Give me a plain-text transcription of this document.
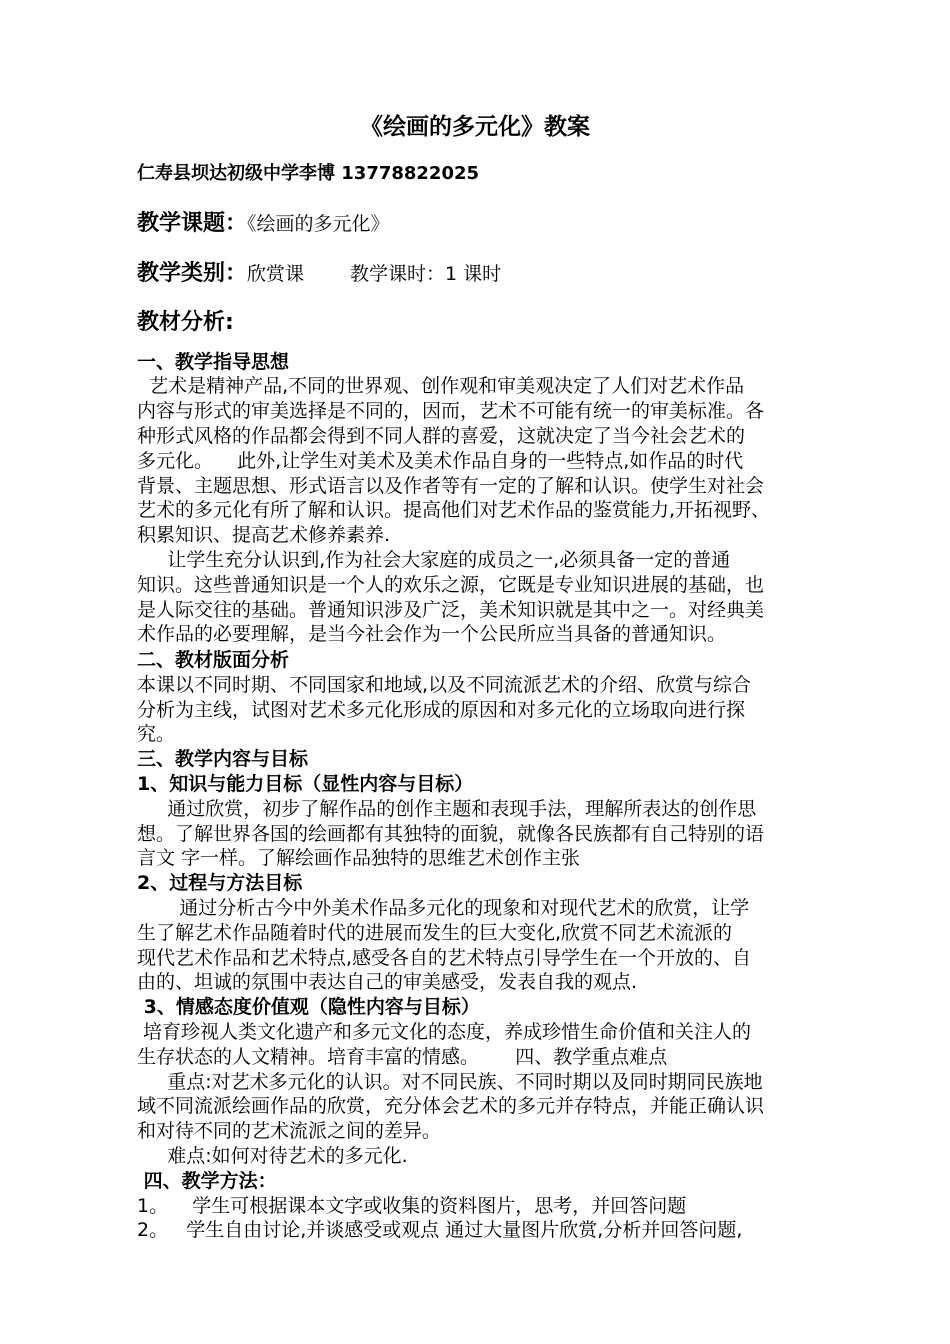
《绘画的多元化》教案
仁寿县坝达初级中学李博 13778822025
教学课题：《绘画的多元化》
教学类别：欣赏课 教学课时：1 课时
教材分析:
一、教学指导思想
艺术是精神产品,不同的世界观、创作观和审美观决定了人们对艺术作品
内容与形式的审美选择是不同的，因而，艺术不可能有统一的审美标准。各
种形式风格的作品都会得到不同人群的喜爱，这就决定了当今社会艺术的
多元化。    此外,让学生对美术及美术作品自身的一些特点,如作品的时代
背景、主题思想、形式语言以及作者等有一定的了解和认识。使学生对社会
艺术的多元化有所了解和认识。提高他们对艺术作品的鉴赏能力,开拓视野、
积累知识、提高艺术修养素养.
让学生充分认识到,作为社会大家庭的成员之一,必须具备一定的普通
知识。这些普通知识是一个人的欢乐之源，它既是专业知识进展的基础，也
是人际交往的基础。普通知识涉及广泛，美术知识就是其中之一。对经典美
术作品的必要理解，是当今社会作为一个公民所应当具备的普通知识。
二、教材版面分析
本课以不同时期、不同国家和地域,以及不同流派艺术的介绍、欣赏与综合
分析为主线，试图对艺术多元化形成的原因和对多元化的立场取向进行探
究。
三、教学内容与目标
1、知识与能力目标（显性内容与目标）
通过欣赏，初步了解作品的创作主题和表现手法，理解所表达的创作思
想。了解世界各国的绘画都有其独特的面貌，就像各民族都有自己特别的语
言文 字一样。了解绘画作品独特的思维艺术创作主张
2、过程与方法目标
通过分析古今中外美术作品多元化的现象和对现代艺术的欣赏，让学
生了解艺术作品随着时代的进展而发生的巨大变化,欣赏不同艺术流派的
现代艺术作品和艺术特点,感受各自的艺术特点引导学生在一个开放的、自
由的、坦诚的氛围中表达自己的审美感受，发表自我的观点.
3、情感态度价值观（隐性内容与目标）
培育珍视人类文化遗产和多元文化的态度，养成珍惜生命价值和关注人的
生存状态的人文精神。培育丰富的情感。      四、教学重点难点
重点:对艺术多元化的认识。对不同民族、不同时期以及同时期同民族地
域不同流派绘画作品的欣赏，充分体会艺术的多元并存特点，并能正确认识
和对待不同的艺术流派之间的差异。
难点:如何对待艺术的多元化.
四、教学方法：
1。    学生可根据课本文字或收集的资料图片，思考，并回答问题
2。   学生自由讨论,并谈感受或观点 通过大量图片欣赏,分析并回答问题,
